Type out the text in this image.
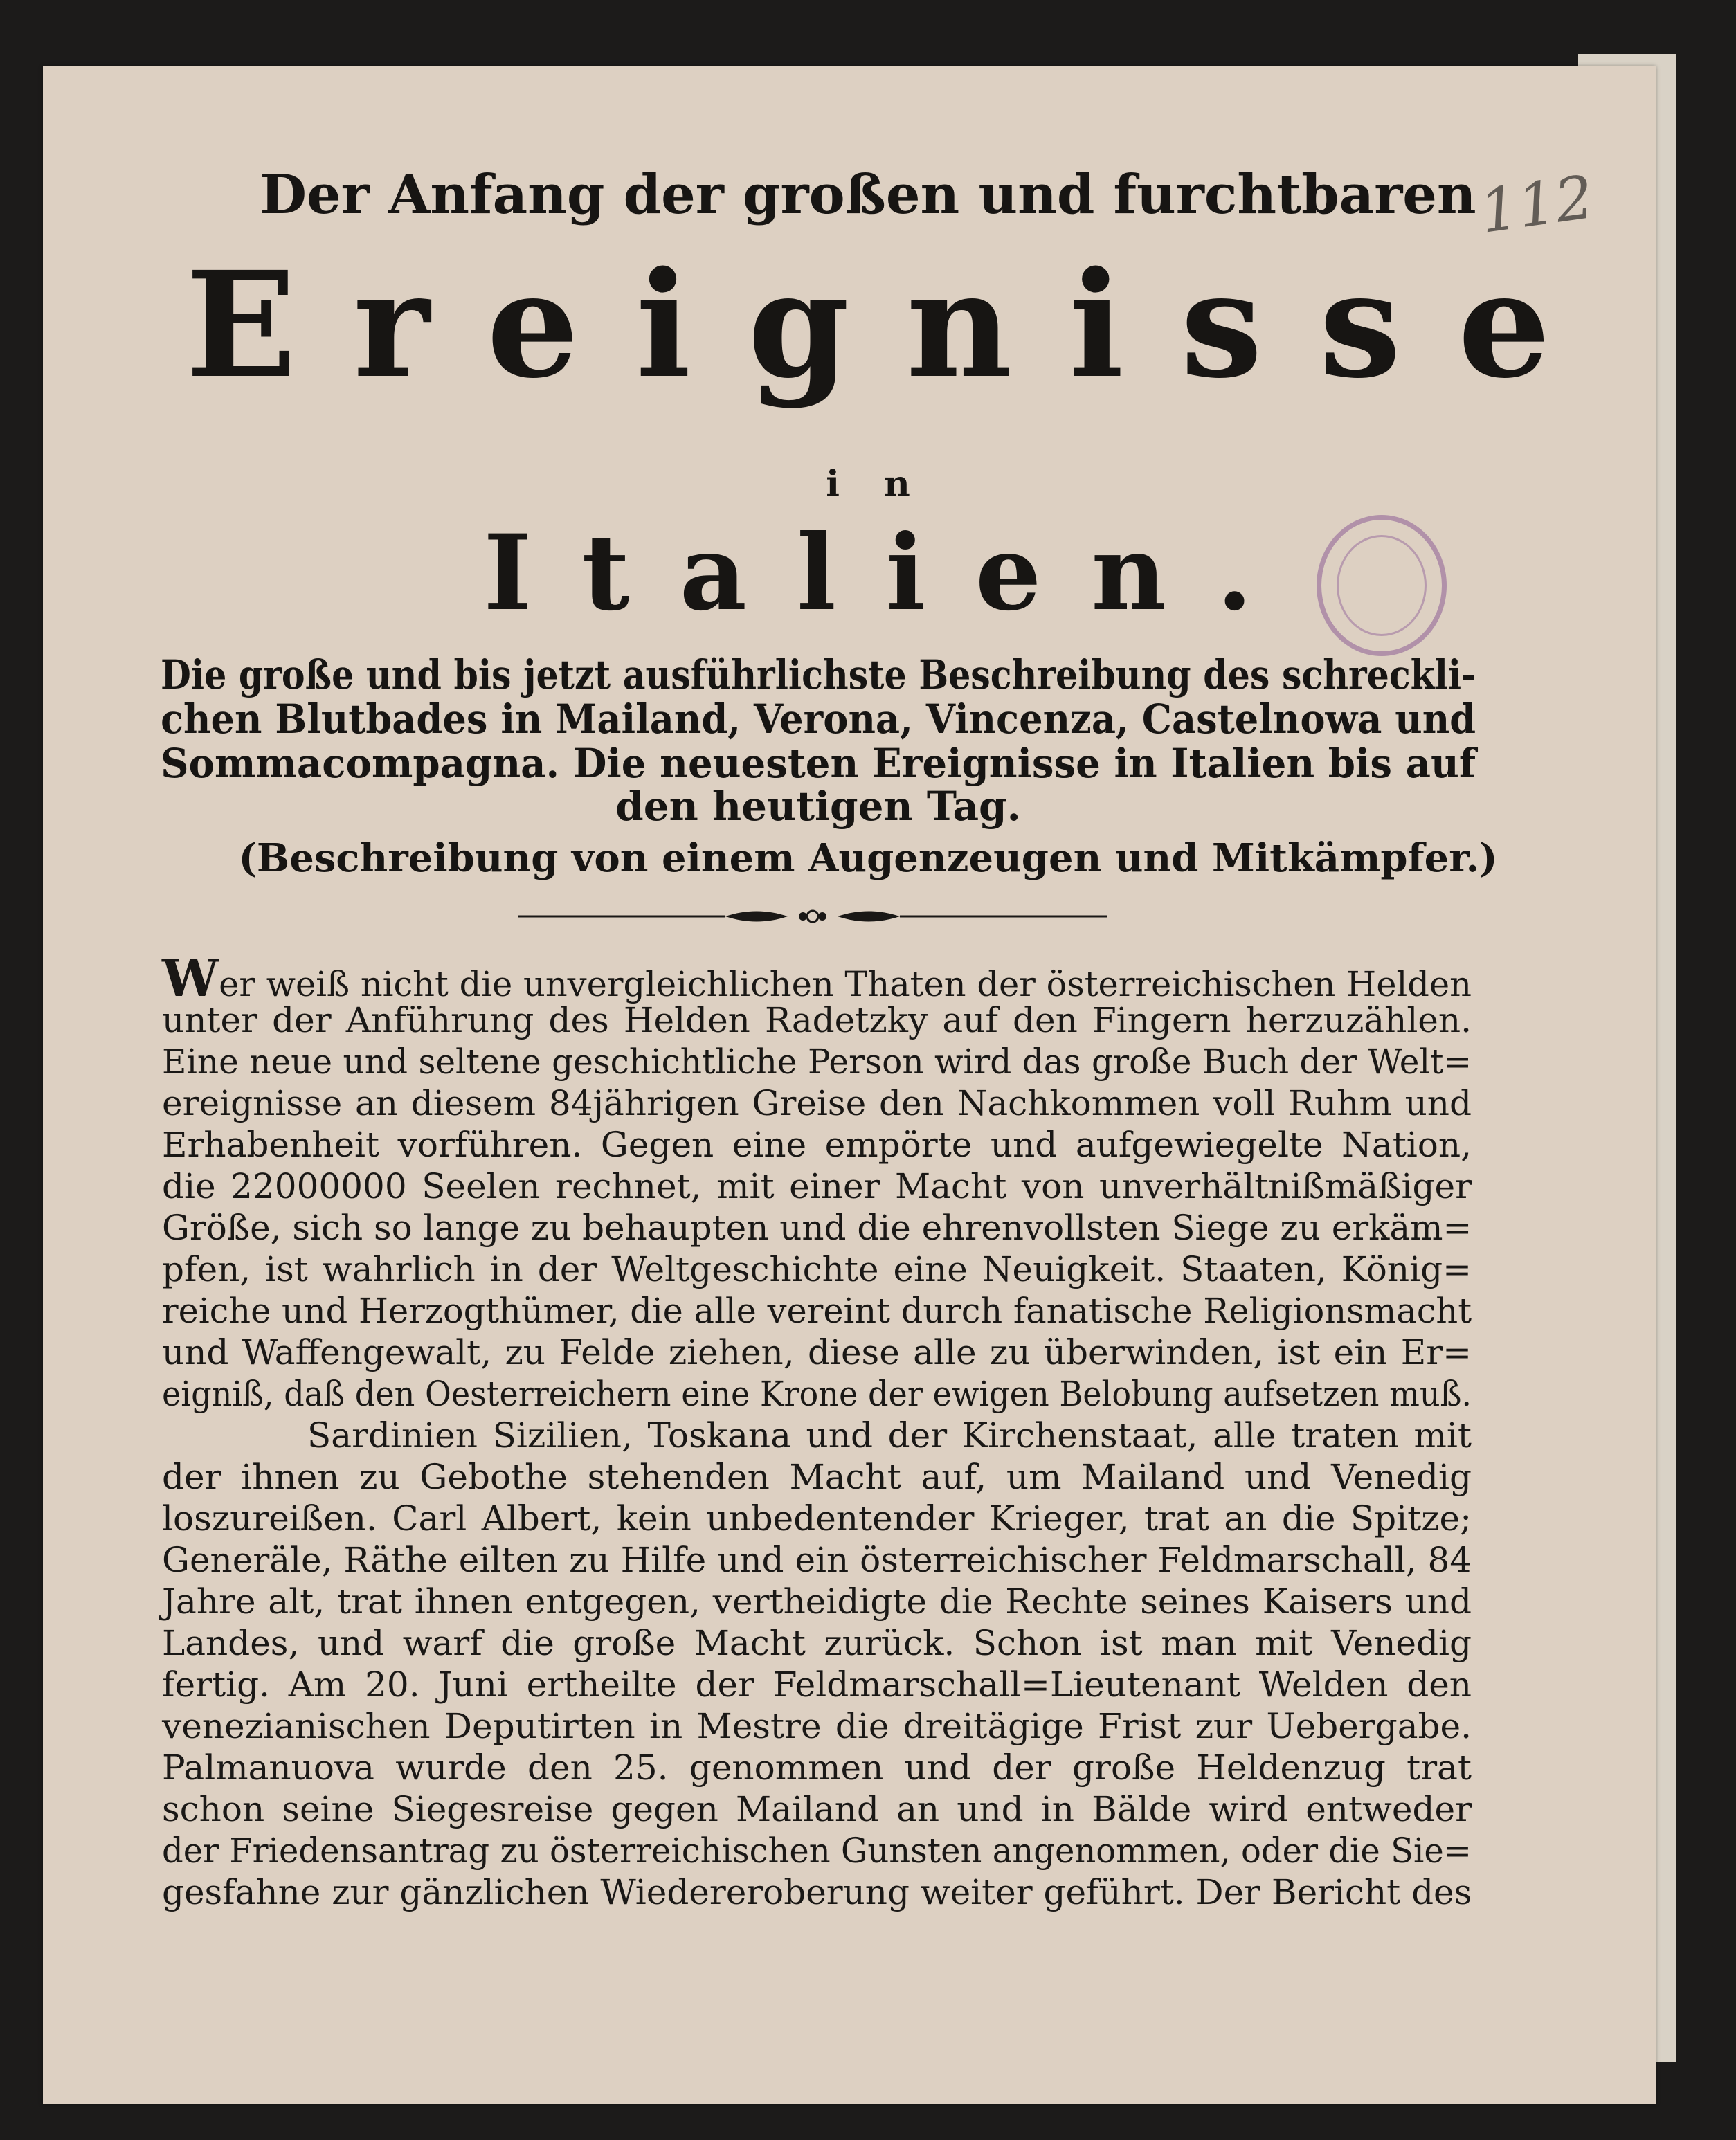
112
Der Anfang der großen und furchtbaren
Ereignisse
in
Italien.
Die große und bis jetzt ausführlichste Beschreibung des schreckli-
chen Blutbades in Mailand, Verona, Vincenza, Castelnowa und
Sommacompagna. Die neuesten Ereignisse in Italien bis auf
den heutigen Tag.
(Beschreibung von einem Augenzeugen und Mitkämpfer.)
Wer weiß nicht die unvergleichlichen Thaten der österreichischen Helden
unter der Anführung des Helden Radetzky auf den Fingern herzuzählen.
Eine neue und seltene geschichtliche Person wird das große Buch der Welt=
ereignisse an diesem 84jährigen Greise den Nachkommen voll Ruhm und
Erhabenheit vorführen. Gegen eine empörte und aufgewiegelte Nation,
die 22000000 Seelen rechnet, mit einer Macht von unverhältnißmäßiger
Größe, sich so lange zu behaupten und die ehrenvollsten Siege zu erkäm=
pfen, ist wahrlich in der Weltgeschichte eine Neuigkeit. Staaten, König=
reiche und Herzogthümer, die alle vereint durch fanatische Religionsmacht
und Waffengewalt, zu Felde ziehen, diese alle zu überwinden, ist ein Er=
eigniß, daß den Oesterreichern eine Krone der ewigen Belobung aufsetzen muß.
Sardinien Sizilien, Toskana und der Kirchenstaat, alle traten mit
der ihnen zu Gebothe stehenden Macht auf, um Mailand und Venedig
loszureißen. Carl Albert, kein unbedentender Krieger, trat an die Spitze;
Generäle, Räthe eilten zu Hilfe und ein österreichischer Feldmarschall, 84
Jahre alt, trat ihnen entgegen, vertheidigte die Rechte seines Kaisers und
Landes, und warf die große Macht zurück. Schon ist man mit Venedig
fertig. Am 20. Juni ertheilte der Feldmarschall=Lieutenant Welden den
venezianischen Deputirten in Mestre die dreitägige Frist zur Uebergabe.
Palmanuova wurde den 25. genommen und der große Heldenzug trat
schon seine Siegesreise gegen Mailand an und in Bälde wird entweder
der Friedensantrag zu österreichischen Gunsten angenommen, oder die Sie=
gesfahne zur gänzlichen Wiedereroberung weiter geführt. Der Bericht des
